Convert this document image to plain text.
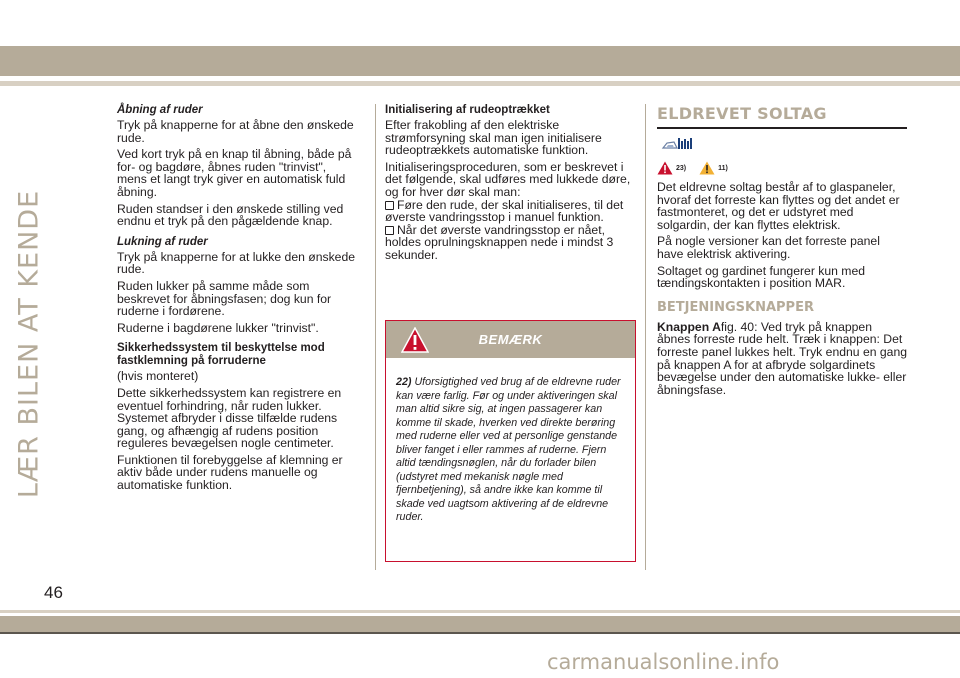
LÆR BILEN AT KENDE
Åbning af ruder

Tryk på knapperne for at åbne den ønskede rude.

Ved kort tryk på en knap til åbning, både på for- og bagdøre, åbnes ruden "trinvist", mens et langt tryk giver en automatisk fuld åbning.

Ruden standser i den ønskede stilling ved endnu et tryk på den pågældende knap.

Lukning af ruder

Tryk på knapperne for at lukke den ønskede rude.

Ruden lukker på samme måde som beskrevet for åbningsfasen; dog kun for ruderne i fordørene.

Ruderne i bagdørene lukker "trinvist".

Sikkerhedssystem til beskyttelse mod fastklemning på forruderne

(hvis monteret)

Dette sikkerhedssystem kan registrere en eventuel forhindring, når ruden lukker. Systemet afbryder i disse tilfælde rudens gang, og afhængig af rudens position reguleres bevægelsen nogle centimeter.

Funktionen til forebyggelse af klemning er aktiv både under rudens manuelle og automatiske funktion.

Initialisering af rudeoptrækket

Efter frakobling af den elektriske strømforsyning skal man igen initialisere rudeoptrækkets automatiske funktion.

Initialiseringsproceduren, som er beskrevet i det følgende, skal udføres med lukkede døre, og for hver dør skal man:

Føre den rude, der skal initialiseres, til det øverste vandringsstop i manuel funktion.

Når det øverste vandringsstop er nået, holdes oprulningsknappen nede i mindst 3 sekunder.

BEMÆRK
22) Uforsigtighed ved brug af de eldrevne ruder kan være farlig. Før og under aktiveringen skal man altid sikre sig, at ingen passagerer kan komme til skade, hverken ved direkte berøring med ruderne eller ved at personlige genstande bliver fanget i eller rammes af ruderne. Fjern altid tændingsnøglen, når du forlader bilen (udstyret med mekanisk nøgle med fjernbetjening), så andre ikke kan komme til skade ved uagtsom aktivering af de eldrevne ruder.
ELDREVET SOLTAG
23)	11)

Det eldrevne soltag består af to glaspaneler, hvoraf det forreste kan flyttes og det andet er fastmonteret, og det er udstyret med solgardin, der kan flyttes elektrisk.

På nogle versioner kan det forreste panel have elektrisk aktivering.

Soltaget og gardinet fungerer kun med tændingskontakten i position MAR.

BETJENINGSKNAPPER

Knappen Afig. 40: Ved tryk på knappen åbnes forreste rude helt. Træk i knappen: Det forreste panel lukkes helt. Tryk endnu en gang på knappen A for at afbryde solgardinets bevægelse under den automatiske lukke- eller åbningsfase.

46
carmanualsonline.info
